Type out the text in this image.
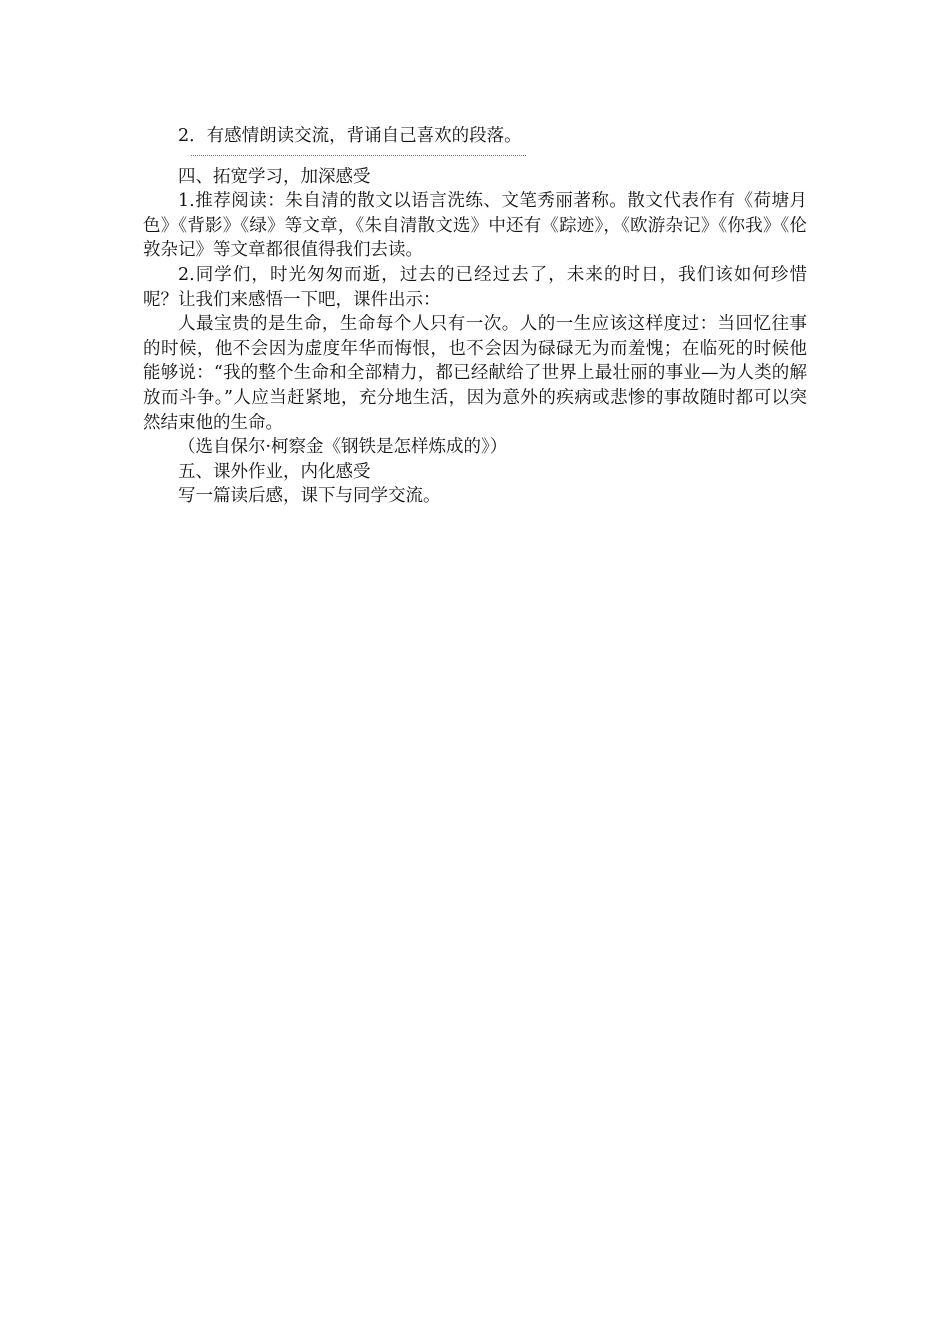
2．有感情朗读交流，背诵自己喜欢的段落。

四、拓宽学习，加深感受

1.推荐阅读：朱自清的散文以语言洗练、文笔秀丽著称。散文代表作有《荷塘月色》《背影》《绿》等文章，《朱自清散文选》中还有《踪迹》，《欧游杂记》《你我》《伦敦杂记》等文章都很值得我们去读。

2.同学们，时光匆匆而逝，过去的已经过去了，未来的时日，我们该如何珍惜呢？让我们来感悟一下吧，课件出示：

人最宝贵的是生命，生命每个人只有一次。人的一生应该这样度过：当回忆往事的时候，他不会因为虚度年华而悔恨，也不会因为碌碌无为而羞愧；在临死的时候他能够说：“我的整个生命和全部精力，都已经献给了世界上最壮丽的事业—为人类的解放而斗争。”人应当赶紧地，充分地生活，因为意外的疾病或悲惨的事故随时都可以突然结束他的生命。

（选自保尔·柯察金《钢铁是怎样炼成的》）

五、课外作业，内化感受

写一篇读后感，课下与同学交流。
